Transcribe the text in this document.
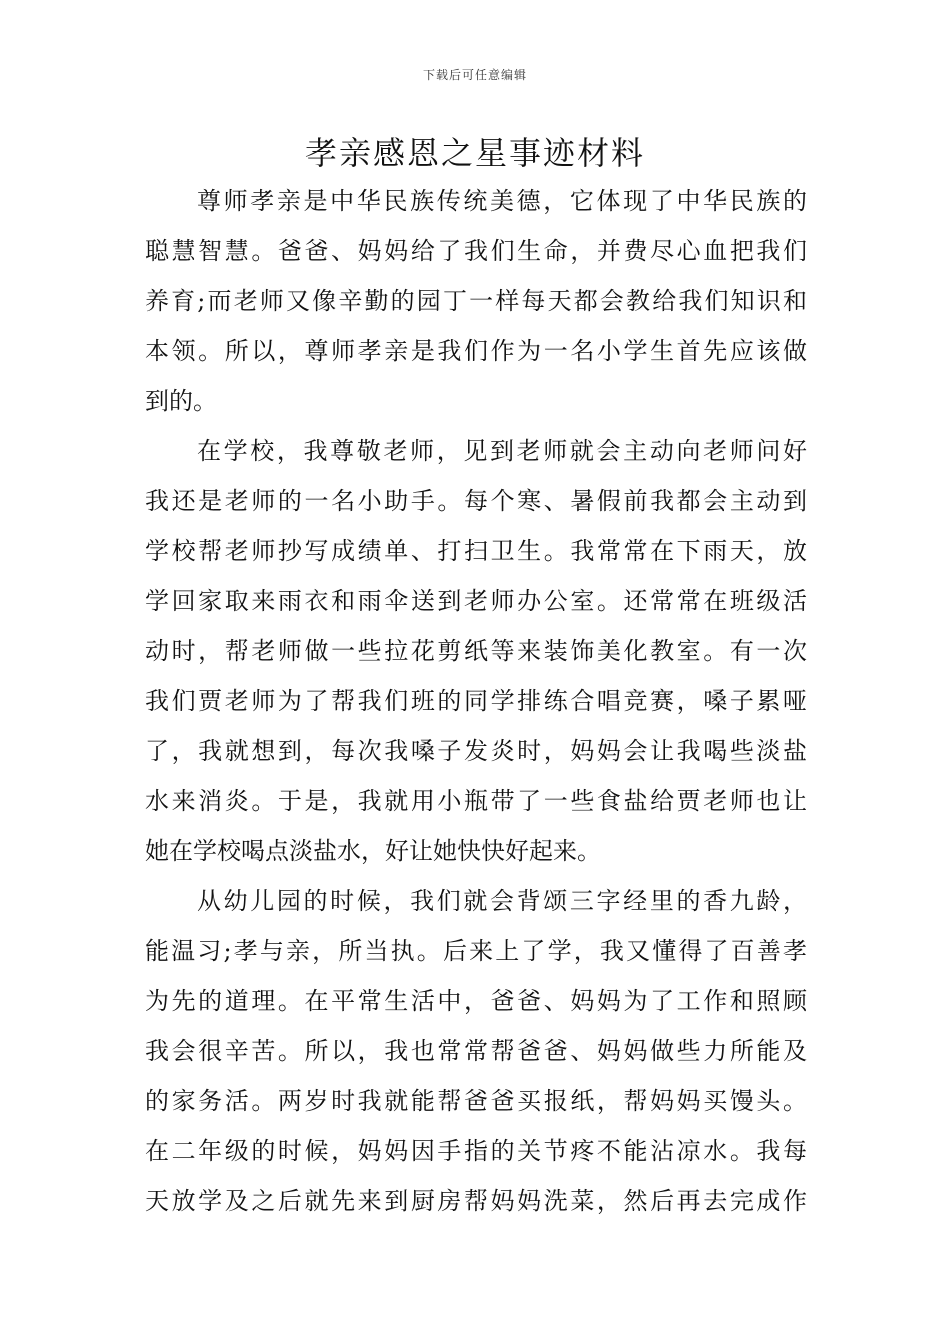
下载后可任意编辑
孝亲感恩之星事迹材料
尊师孝亲是中华民族传统美德，它体现了中华民族的
聪慧智慧。爸爸、妈妈给了我们生命，并费尽心血把我们
养育;而老师又像辛勤的园丁一样每天都会教给我们知识和
本领。所以，尊师孝亲是我们作为一名小学生首先应该做
到的。
在学校，我尊敬老师，见到老师就会主动向老师问好
我还是老师的一名小助手。每个寒、暑假前我都会主动到
学校帮老师抄写成绩单、打扫卫生。我常常在下雨天，放
学回家取来雨衣和雨伞送到老师办公室。还常常在班级活
动时，帮老师做一些拉花剪纸等来装饰美化教室。有一次
我们贾老师为了帮我们班的同学排练合唱竞赛，嗓子累哑
了，我就想到，每次我嗓子发炎时，妈妈会让我喝些淡盐
水来消炎。于是，我就用小瓶带了一些食盐给贾老师也让
她在学校喝点淡盐水，好让她快快好起来。
从幼儿园的时候，我们就会背颂三字经里的香九龄，
能温习;孝与亲，所当执。后来上了学，我又懂得了百善孝
为先的道理。在平常生活中，爸爸、妈妈为了工作和照顾
我会很辛苦。所以，我也常常帮爸爸、妈妈做些力所能及
的家务活。两岁时我就能帮爸爸买报纸，帮妈妈买馒头。
在二年级的时候，妈妈因手指的关节疼不能沾凉水。我每
天放学及之后就先来到厨房帮妈妈洗菜，然后再去完成作
